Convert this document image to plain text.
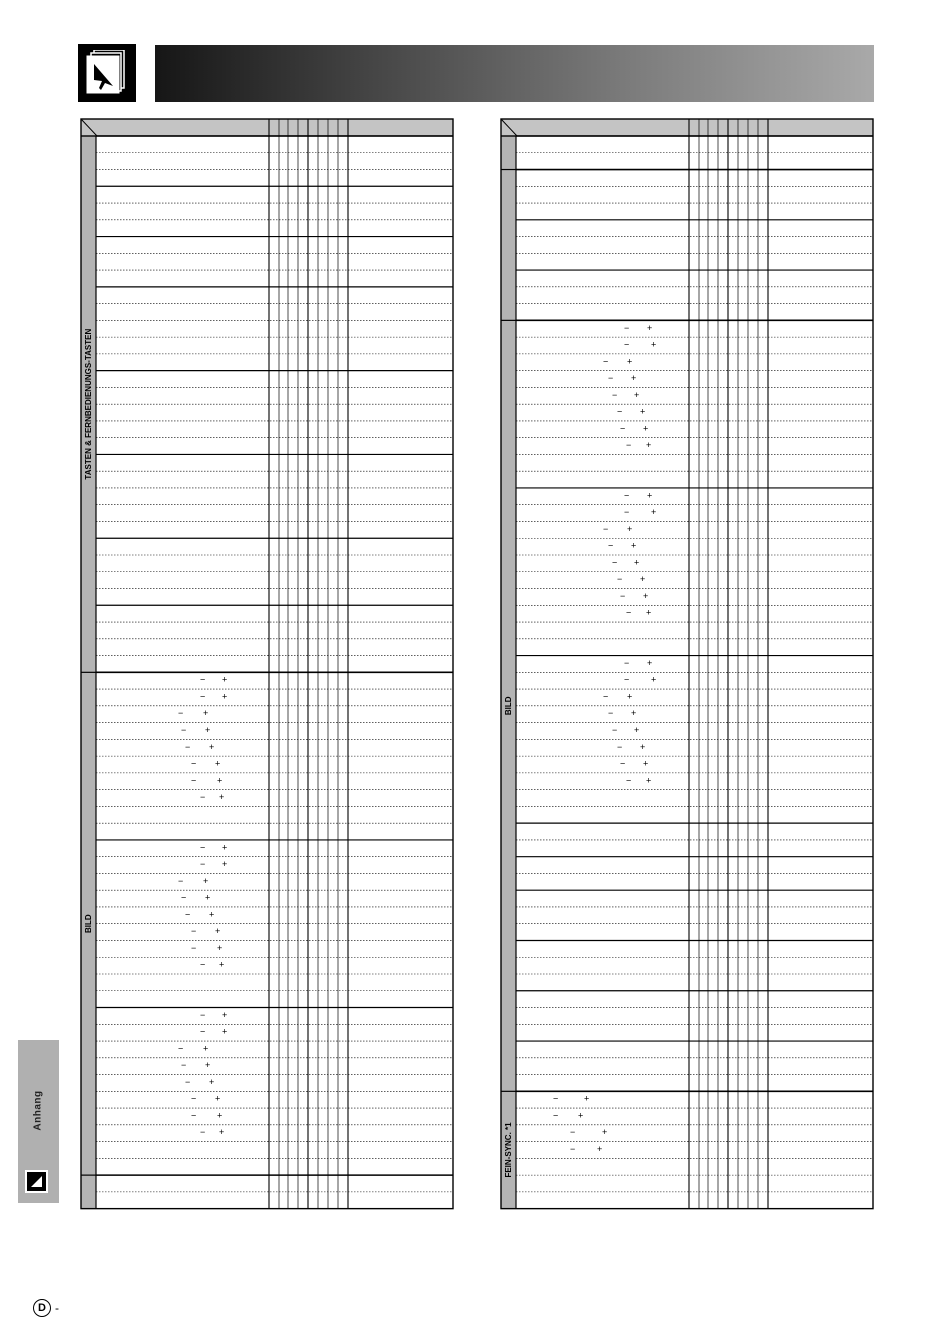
TASTEN & FERNBEDIENUNGS-TASTEN
BILD
− +
− +
− +
− +
− +
− +
− +
− +
− +
− +
− +
− +
− +
− +
− +
− +
− +
− +
− +
− +
− +
− +
− +
− +
BILD
FEIN-SYNC. *1
− +
− +
− +
− +
− +
− +
− +
− +
− +
− +
− +
− +
− +
− +
− +
− +
− +
− +
− +
− +
− +
− +
− +
− +
−	+
− +
−	+
− +
Anhang
D -
